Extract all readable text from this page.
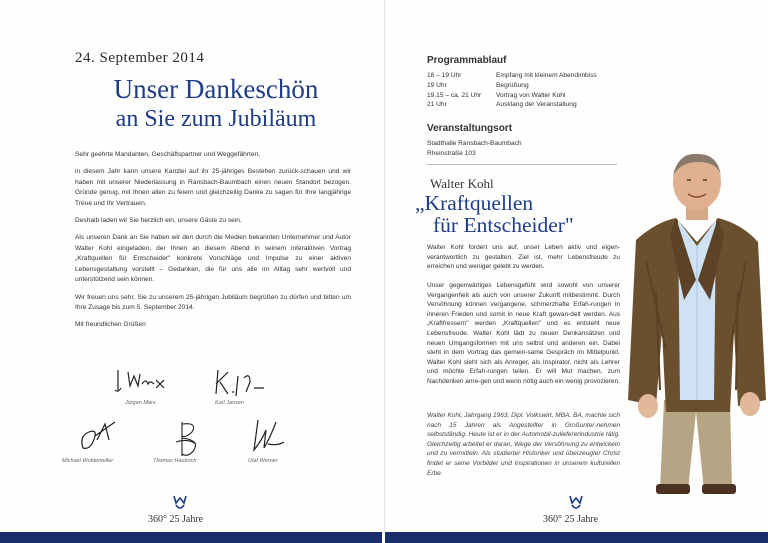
24. September 2014
Unser Dankeschön
an Sie zum Jubiläum

Sehr geehrte Mandanten, Geschäftspartner und Weggefährten,

in diesem Jahr kann unsere Kanzlei auf ihr 25-jähriges Bestehen zurück-schauen und wir haben mit unserer Niederlassung in Ransbach-Baumbach einen neuen Standort bezogen. Gründe genug, mit Ihnen allen zu feiern und gleichzeitig Danke zu sagen für Ihre langjährige Treue und Ihr Vertrauen.

Deshalb laden wir Sie herzlich ein, unsere Gäste zu sein.

Als unseren Dank an Sie haben wir den durch die Medien bekannten Unternehmer und Autor Walter Kohl eingeladen, der Ihnen an diesem Abend in seinem interaktiven Vortrag „Kraftquellen für Entscheider" konkrete Vorschläge und Impulse zu einer aktiven Lebensgestaltung vorstellt – Gedanken, die für uns alle im Alltag sehr wertvoll und unterstützend sein können.

Wir freuen uns sehr, Sie zu unserem 25-jährigen Jubiläum begrüßen zu dürfen und bitten um Ihre Zusage bis zum 5. September 2014.

Mit freundlichen Grüßen

Jürgen Marx	Karl Jansen
Michael Woldenteller	Thomas Haubrich	Olaf Werner
360° 25 Jahre
Programmablauf
18 – 19 Uhr	Empfang mit kleinem Abendimbiss
19 Uhr	Begrüßung
19.15 – ca. 21 Uhr Vortrag von Walter Kohl
21 Uhr	Ausklang der Veranstaltung
Veranstaltungsort
Stadthalle Ransbach-Baumbach
Rheinstraße 103
Walter Kohl
„Kraftquellen
für Entscheider"
Walter Kohl fordert uns auf, unser Leben aktiv und eigen-verantwortlich zu gestalten. Ziel ist, mehr Lebensfreude zu erreichen und weniger gelebt zu werden.
Unser gegenwärtiges Lebensgefühl wird sowohl von unserer Vergangenheit als auch von unserer Zukunft mitbestimmt. Durch Versöhnung können vergangene, schmerzhafte Erfah-rungen in inneren Frieden und somit in neue Kraft gewan-delt werden. Aus „Kraftfressern" werden „Kraftquellen" und es entsteht neue Lebensfreude. Walter Kohl lädt zu neuen Denkansätzen und neuen Umgangsformen mit uns selbst und anderen ein. Dabei steht in dem Vortrag das gemein-same Gespräch im Mittelpunkt. Walter Kohl sieht sich als Anreger, als Inspirator, nicht als Lehrer und möchte Erfah-rungen teilen. Er will Mut machen, zum Nachdenken anre-gen und wenn nötig auch ein wenig provozieren.
Walter Kohl, Jahrgang 1963, Dipl. Volkswirt, MBA, BA, machte sich nach 15 Jahren als Angestellter in Großunter-nehmen selbstständig. Heute ist er in der Automobil-zuliefererindustrie tätig. Gleichzeitig arbeitet er daran, Wege der Versöhnung zu entwickeln und zu vermitteln. Als studierter Historiker und überzeugter Christ findet er seine Vorbilder und Inspirationen in unserem kulturellen Erbe.
360° 25 Jahre
